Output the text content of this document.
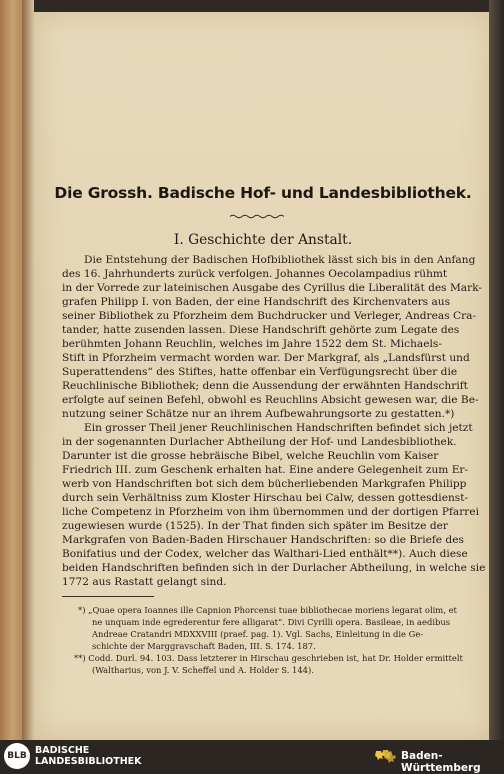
Die Grossh. Badische Hof- und Landesbibliothek.
I. Geschichte der Anstalt.
Die Entstehung der Badischen Hofbibliothek lässt sich bis in den Anfang
des 16. Jahrhunderts zurück verfolgen. Johannes Oecolampadius rühmt
in der Vorrede zur lateinischen Ausgabe des Cyrillus die Liberalität des Mark-
grafen Philipp I. von Baden, der eine Handschrift des Kirchenvaters aus
seiner Bibliothek zu Pforzheim dem Buchdrucker und Verleger, Andreas Cra-
tander, hatte zusenden lassen. Diese Handschrift gehörte zum Legate des
berühmten Johann Reuchlin, welches im Jahre 1522 dem St. Michaels-
Stift in Pforzheim vermacht worden war. Der Markgraf, als „Landsfürst und
Superattendens“ des Stiftes, hatte offenbar ein Verfügungsrecht über die
Reuchlinische Bibliothek; denn die Aussendung der erwähnten Handschrift
erfolgte auf seinen Befehl, obwohl es Reuchlins Absicht gewesen war, die Be-
nutzung seiner Schätze nur an ihrem Aufbewahrungsorte zu gestatten.*)
Ein grosser Theil jener Reuchlinischen Handschriften befindet sich jetzt
in der sogenannten Durlacher Abtheilung der Hof- und Landesbibliothek.
Darunter ist die grosse hebräische Bibel, welche Reuchlin vom Kaiser
Friedrich III. zum Geschenk erhalten hat. Eine andere Gelegenheit zum Er-
werb von Handschriften bot sich dem bücherliebenden Markgrafen Philipp
durch sein Verhältniss zum Kloster Hirschau bei Calw, dessen gottesdienst-
liche Competenz in Pforzheim von ihm übernommen und der dortigen Pfarrei
zugewiesen wurde (1525). In der That finden sich später im Besitze der
Markgrafen von Baden-Baden Hirschauer Handschriften: so die Briefe des
Bonifatius und der Codex, welcher das Walthari-Lied enthält**). Auch diese
beiden Handschriften befinden sich in der Durlacher Abtheilung, in welche sie
1772 aus Rastatt gelangt sind.
*) „Quae opera Ioannes ille Capnion Phorcensi tuae bibliothecae moriens legarat olim, et
ne unquam inde egrederentur fere alligarat“. Divi Cyrilli opera. Basileae, in aedibus
Andreae Cratandri MDXXVIII (praef. pag. 1). Vgl. Sachs, Einleitung in die Ge-
schichte der Marggravschaft Baden, III. S. 174. 187.
**) Codd. Durl. 94. 103. Dass letzterer in Hirschau geschrieben ist, hat Dr. Holder ermittelt
(Waltharius, von J. V. Scheffel und A. Holder S. 144).
BLB BADISCHE
LANDESBIBLIOTHEK	Baden-Württemberg
